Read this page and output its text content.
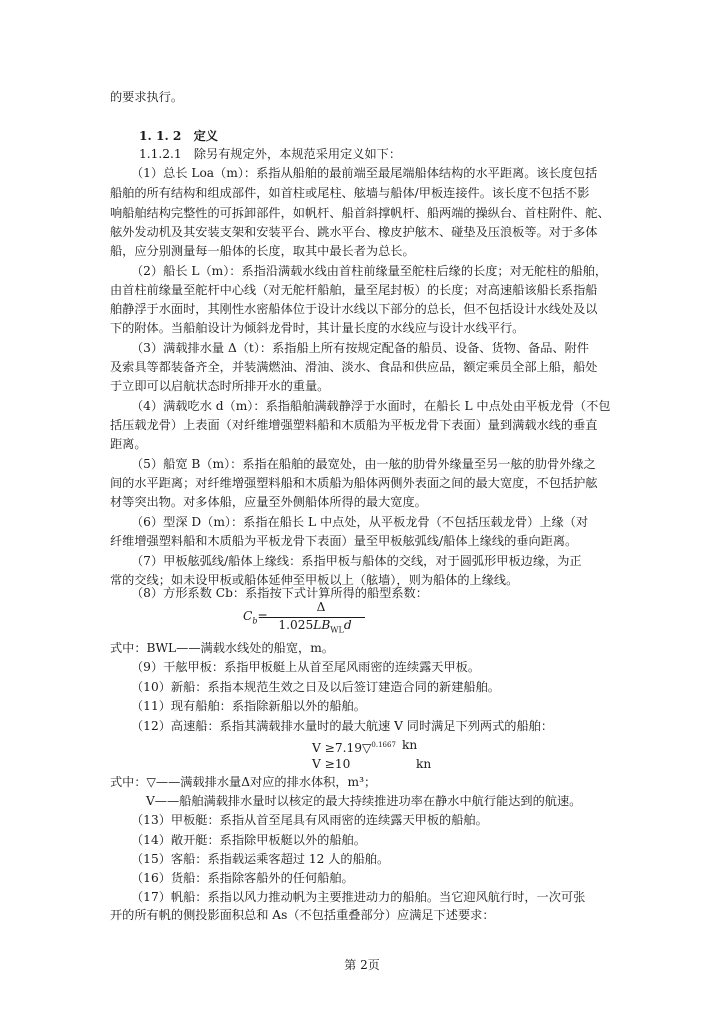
的要求执行。
1. 1. 2　定义
1.1.2.1　除另有规定外，本规范采用定义如下：
（1）总长 Loa（m）：系指从船舶的最前端至最尾端船体结构的水平距离。该长度包括
船舶的所有结构和组成部件，如首柱或尾柱、舷墙与船体/甲板连接件。该长度不包括不影
响船舶结构完整性的可拆卸部件，如帆杆、船首斜撑帆杆、船两端的操纵台、首柱附件、舵、
舷外发动机及其安装支架和安装平台、跳水平台、橡皮护舷木、碰垫及压浪板等。对于多体
船，应分别测量每一船体的长度，取其中最长者为总长。
（2）船长 L（m）：系指沿满载水线由首柱前缘量至舵柱后缘的长度；对无舵柱的船舶，
由首柱前缘量至舵杆中心线（对无舵杆船舶，量至尾封板）的长度；对高速船该船长系指船
舶静浮于水面时，其刚性水密船体位于设计水线以下部分的总长，但不包括设计水线处及以
下的附体。当船舶设计为倾斜龙骨时，其计量长度的水线应与设计水线平行。
（3）满载排水量 Δ（t）：系指船上所有按规定配备的船员、设备、货物、备品、附件
及索具等都装备齐全，并装满燃油、滑油、淡水、食品和供应品，额定乘员全部上船，船处
于立即可以启航状态时所排开水的重量。
（4）满载吃水 d（m）：系指船舶满载静浮于水面时，在船长 L 中点处由平板龙骨（不包
括压载龙骨）上表面（对纤维增强塑料船和木质船为平板龙骨下表面）量到满载水线的垂直
距离。
（5）船宽 B（m）：系指在船舶的最宽处，由一舷的肋骨外缘量至另一舷的肋骨外缘之
间的水平距离；对纤维增强塑料船和木质船为船体两侧外表面之间的最大宽度，不包括护舷
材等突出物。对多体船，应量至外侧船体所得的最大宽度。
（6）型深 D（m）：系指在船长 L 中点处，从平板龙骨（不包括压载龙骨）上缘（对
纤维增强塑料船和木质船为平板龙骨下表面）量至甲板舷弧线/船体上缘线的垂向距离。
（7）甲板舷弧线/船体上缘线：系指甲板与船体的交线，对于圆弧形甲板边缘，为正
常的交线；如未设甲板或船体延伸至甲板以上（舷墙），则为船体的上缘线。
（8）方形系数 Cb：系指按下式计算所得的船型系数：
$C_b=$
Δ
$1.025LB_{WL}d$
式中：BWL——满载水线处的船宽，m。
（9）干舷甲板：系指甲板艇上从首至尾风雨密的连续露天甲板。
（10）新船：系指本规范生效之日及以后签订建造合同的新建船舶。
（11）现有船舶：系指除新船以外的船舶。
（12）高速船：系指其满载排水量时的最大航速 V 同时满足下列两式的船舶：
V ≥7.19▽$^{0.1667}$ kn
V ≥10	kn
式中：▽——满载排水量Δ对应的排水体积，m³；
V——船舶满载排水量时以核定的最大持续推进功率在静水中航行能达到的航速。
（13）甲板艇：系指从首至尾具有风雨密的连续露天甲板的船舶。
（14）敞开艇：系指除甲板艇以外的船舶。
（15）客船：系指载运乘客超过 12 人的船舶。
（16）货船：系指除客船外的任何船舶。
（17）帆船：系指以风力推动帆为主要推进动力的船舶。当它迎风航行时，一次可张
开的所有帆的侧投影面积总和 As（不包括重叠部分）应满足下述要求：
第 2页
